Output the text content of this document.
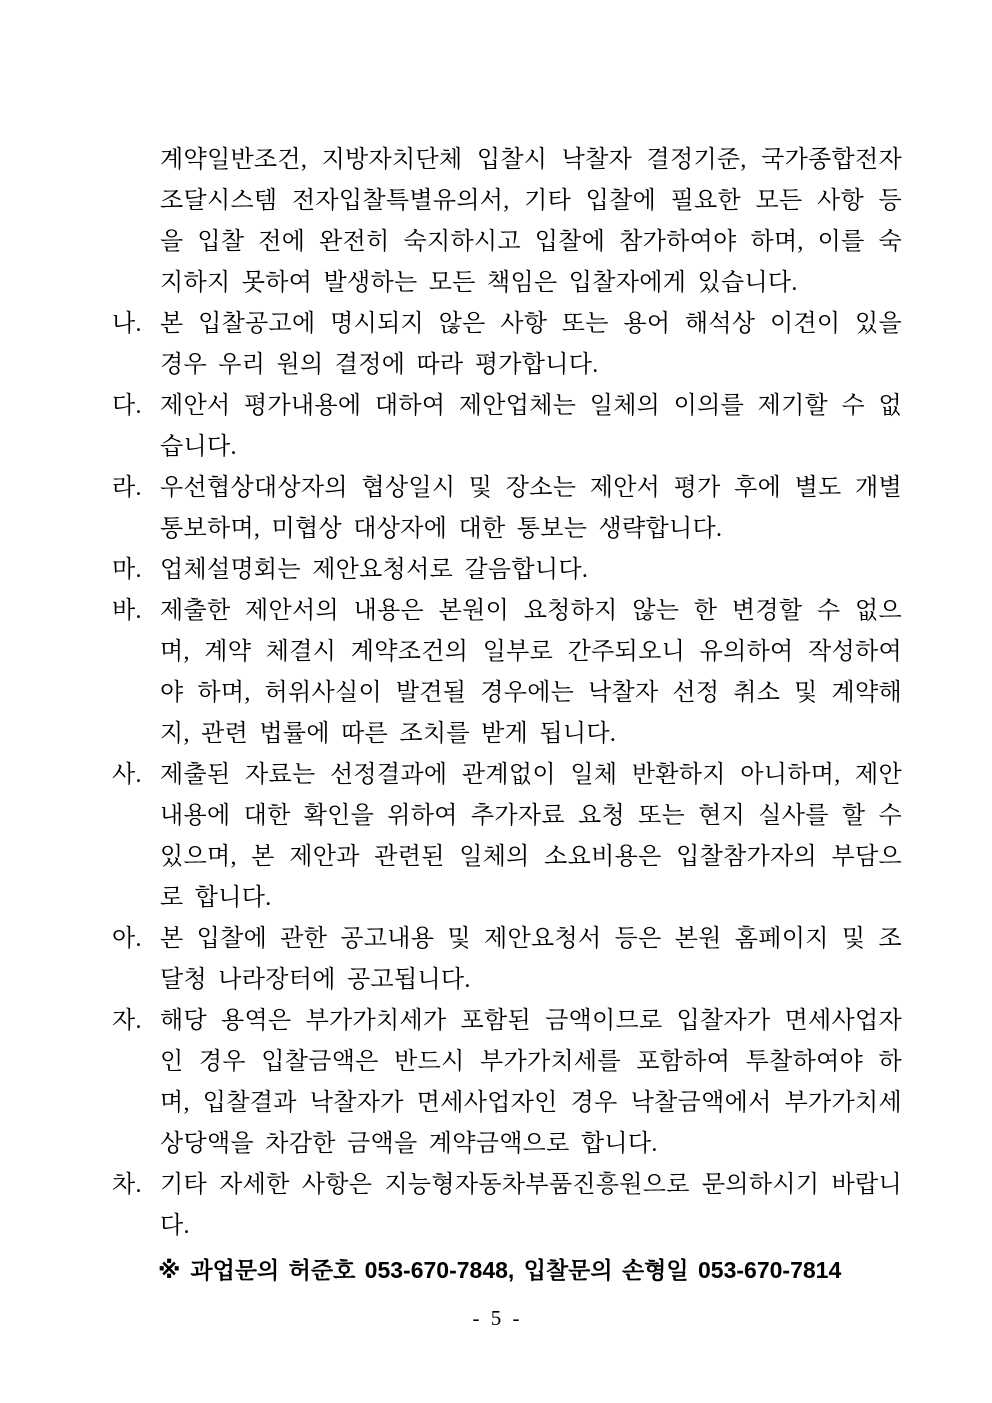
계약일반조건, 지방자치단체 입찰시 낙찰자 결정기준, 국가종합전자 조달시스템 전자입찰특별유의서, 기타 입찰에 필요한 모든 사항 등을 입찰 전에 완전히 숙지하시고 입찰에 참가하여야 하며, 이를 숙지하지 못하여 발생하는 모든 책임은 입찰자에게 있습니다.
나. 본 입찰공고에 명시되지 않은 사항 또는 용어 해석상 이견이 있을 경우 우리 원의 결정에 따라 평가합니다.
다. 제안서 평가내용에 대하여 제안업체는 일체의 이의를 제기할 수 없습니다.
라. 우선협상대상자의 협상일시 및 장소는 제안서 평가 후에 별도 개별 통보하며, 미협상 대상자에 대한 통보는 생략합니다.
마. 업체설명회는 제안요청서로 갈음합니다.
바. 제출한 제안서의 내용은 본원이 요청하지 않는 한 변경할 수 없으며, 계약 체결시 계약조건의 일부로 간주되오니 유의하여 작성하여야 하며, 허위사실이 발견될 경우에는 낙찰자 선정 취소 및 계약해지, 관련 법률에 따른 조치를 받게 됩니다.
사. 제출된 자료는 선정결과에 관계없이 일체 반환하지 아니하며, 제안 내용에 대한 확인을 위하여 추가자료 요청 또는 현지 실사를 할 수 있으며, 본 제안과 관련된 일체의 소요비용은 입찰참가자의 부담으로 합니다.
아. 본 입찰에 관한 공고내용 및 제안요청서 등은 본원 홈페이지 및 조달청 나라장터에 공고됩니다.
자. 해당 용역은 부가가치세가 포함된 금액이므로 입찰자가 면세사업자인 경우 입찰금액은 반드시 부가가치세를 포함하여 투찰하여야 하며, 입찰결과 낙찰자가 면세사업자인 경우 낙찰금액에서 부가가치세 상당액을 차감한 금액을 계약금액으로 합니다.
차. 기타 자세한 사항은 지능형자동차부품진흥원으로 문의하시기 바랍니다.
※ 과업문의 허준호 053-670-7848, 입찰문의 손형일 053-670-7814
- 5 -
